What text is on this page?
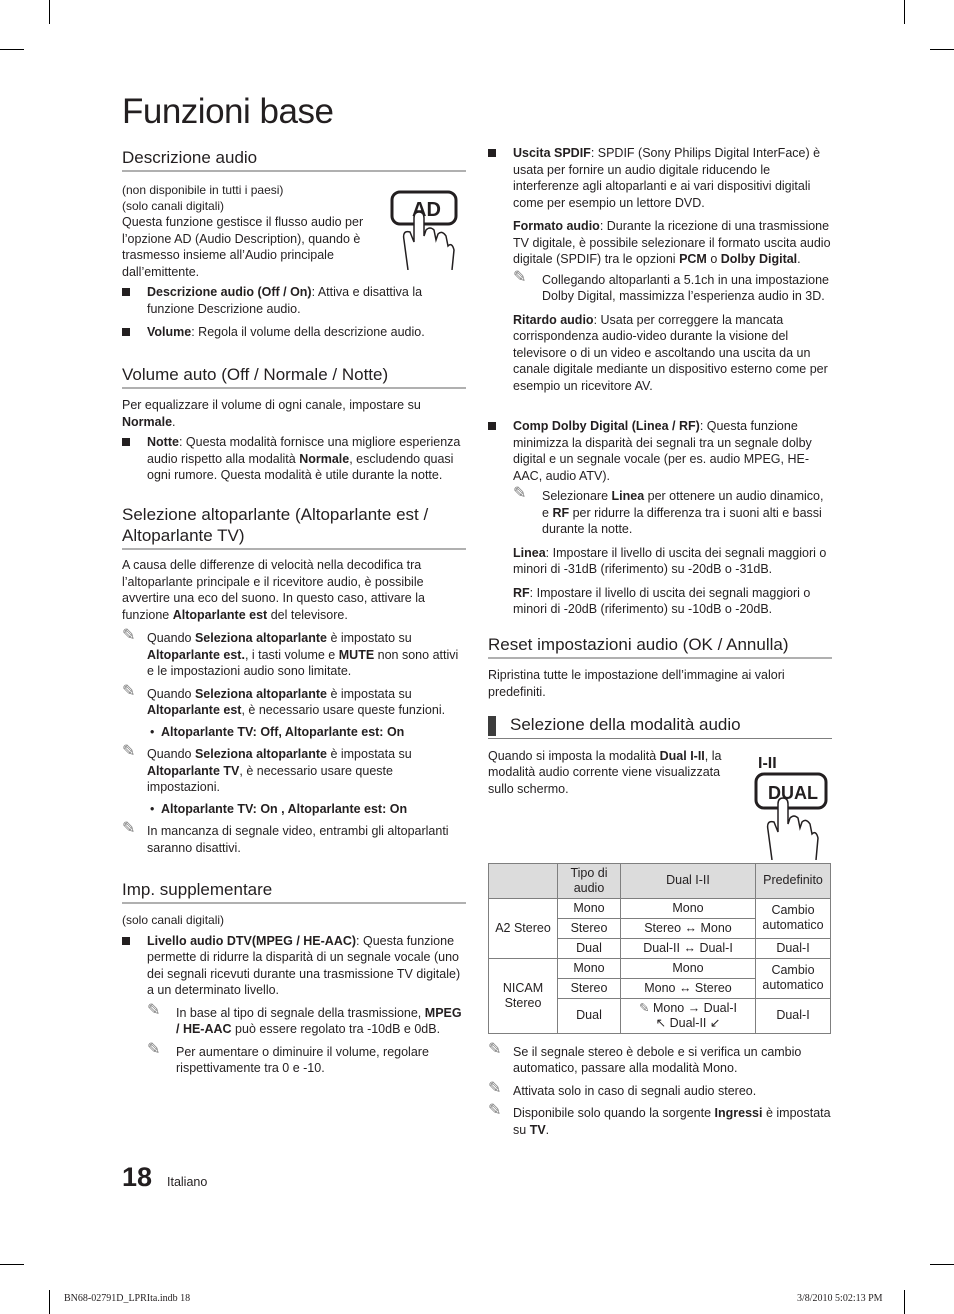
Funzioni base
Descrizione audio

(non disponibile in tutti i paesi)

(solo canali digitali)

Questa funzione gestisce il flusso audio per l’opzione AD (Audio Description), quando è trasmesso insieme all’Audio principale dall’emittente.

AD
Descrizione audio (Off / On): Attiva e disattiva la funzione Descrizione audio.
Volume: Regola il volume della descrizione audio.
Volume auto (Off / Normale / Notte)

Per equalizzare il volume di ogni canale, impostare su Normale.

Notte: Questa modalità fornisce una migliore esperienza audio rispetto alla modalità Normale, escludendo quasi ogni rumore. Questa modalità è utile durante la notte.
Selezione altoparlante (Altoparlante est / Altoparlante TV)

A causa delle differenze di velocità nella decodifica tra l’altoparlante principale e il ricevitore audio, è possibile avvertire una eco del suono. In questo caso, attivare la funzione Altoparlante est del televisore.

✎ Quando Seleziona altoparlante è impostato su Altoparlante est., i tasti volume e MUTE non sono attivi e le impostazioni audio sono limitate.
✎ Quando Seleziona altoparlante è impostata su Altoparlante est, è necessario usare queste funzioni.
• Altoparlante TV: Off, Altoparlante est: On
✎ Quando Seleziona altoparlante è impostata su Altoparlante TV, è necessario usare queste impostazioni.
• Altoparlante TV: On , Altoparlante est: On
✎ In mancanza di segnale video, entrambi gli altoparlanti saranno disattivi.
Imp. supplementare

(solo canali digitali)

Livello audio DTV(MPEG / HE-AAC): Questa funzione permette di ridurre la disparità di un segnale vocale (uno dei segnali ricevuti durante una trasmissione TV digitale) a un determinato livello.
✎ In base al tipo di segnale della trasmissione, MPEG / HE-AAC può essere regolato tra -10dB e 0dB.
✎ Per aumentare o diminuire il volume, regolare rispettivamente tra 0 e -10.
Uscita SPDIF: SPDIF (Sony Philips Digital InterFace) è usata per fornire un audio digitale riducendo le interferenze agli altoparlanti e ai vari dispositivi digitali come per esempio un lettore DVD.

Formato audio: Durante la ricezione di una trasmissione TV digitale, è possibile selezionare il formato uscita audio digitale (SPDIF) tra le opzioni PCM o Dolby Digital.

✎ Collegando altoparlanti a 5.1ch in una impostazione Dolby Digital, massimizza l’esperienza audio in 3D.

Ritardo audio: Usata per correggere la mancata corrispondenza audio-video durante la visione del televisore o di un video e ascoltando una uscita da un canale digitale mediante un dispositivo esterno come per esempio un ricevitore AV.

Comp Dolby Digital (Linea / RF): Questa funzione minimizza la disparità dei segnali tra un segnale dolby digital e un segnale vocale (per es. audio MPEG, HE-AAC, audio ATV).
✎ Selezionare Linea per ottenere un audio dinamico, e RF per ridurre la differenza tra i suoni alti e bassi durante la notte.

Linea: Impostare il livello di uscita dei segnali maggiori o minori di -31dB (riferimento) su -20dB o -31dB.

RF: Impostare il livello di uscita dei segnali maggiori o minori di -20dB (riferimento) su -10dB o -20dB.

Reset impostazioni audio (OK / Annulla)

Ripristina tutte le impostazione dell’immagine ai valori predefiniti.

Selezione della modalità audio

Quando si imposta la modalità Dual I-II, la modalità audio corrente viene visualizzata sullo schermo.

I-II
DUAL
	Tipo di audio	Dual I-II	Predefinito
A2 Stereo	Mono	Mono	Cambio automatico
	Stereo	Stereo ↔ Mono	
	Dual	Dual-II ↔ Dual-I	Dual-I
NICAM Stereo	Mono	Mono	Cambio automatico
	Stereo	Mono ↔ Stereo	
	Dual	✎ Mono → Dual-I
↖ Dual-II ↙	Dual-I
✎ Se il segnale stereo è debole e si verifica un cambio automatico, passare alla modalità Mono.
✎ Attivata solo in caso di segnali audio stereo.
✎ Disponibile solo quando la sorgente Ingressi è impostata su TV.
18 Italiano
BN68-02791D_LPRIta.indb 18	3/8/2010 5:02:13 PM
